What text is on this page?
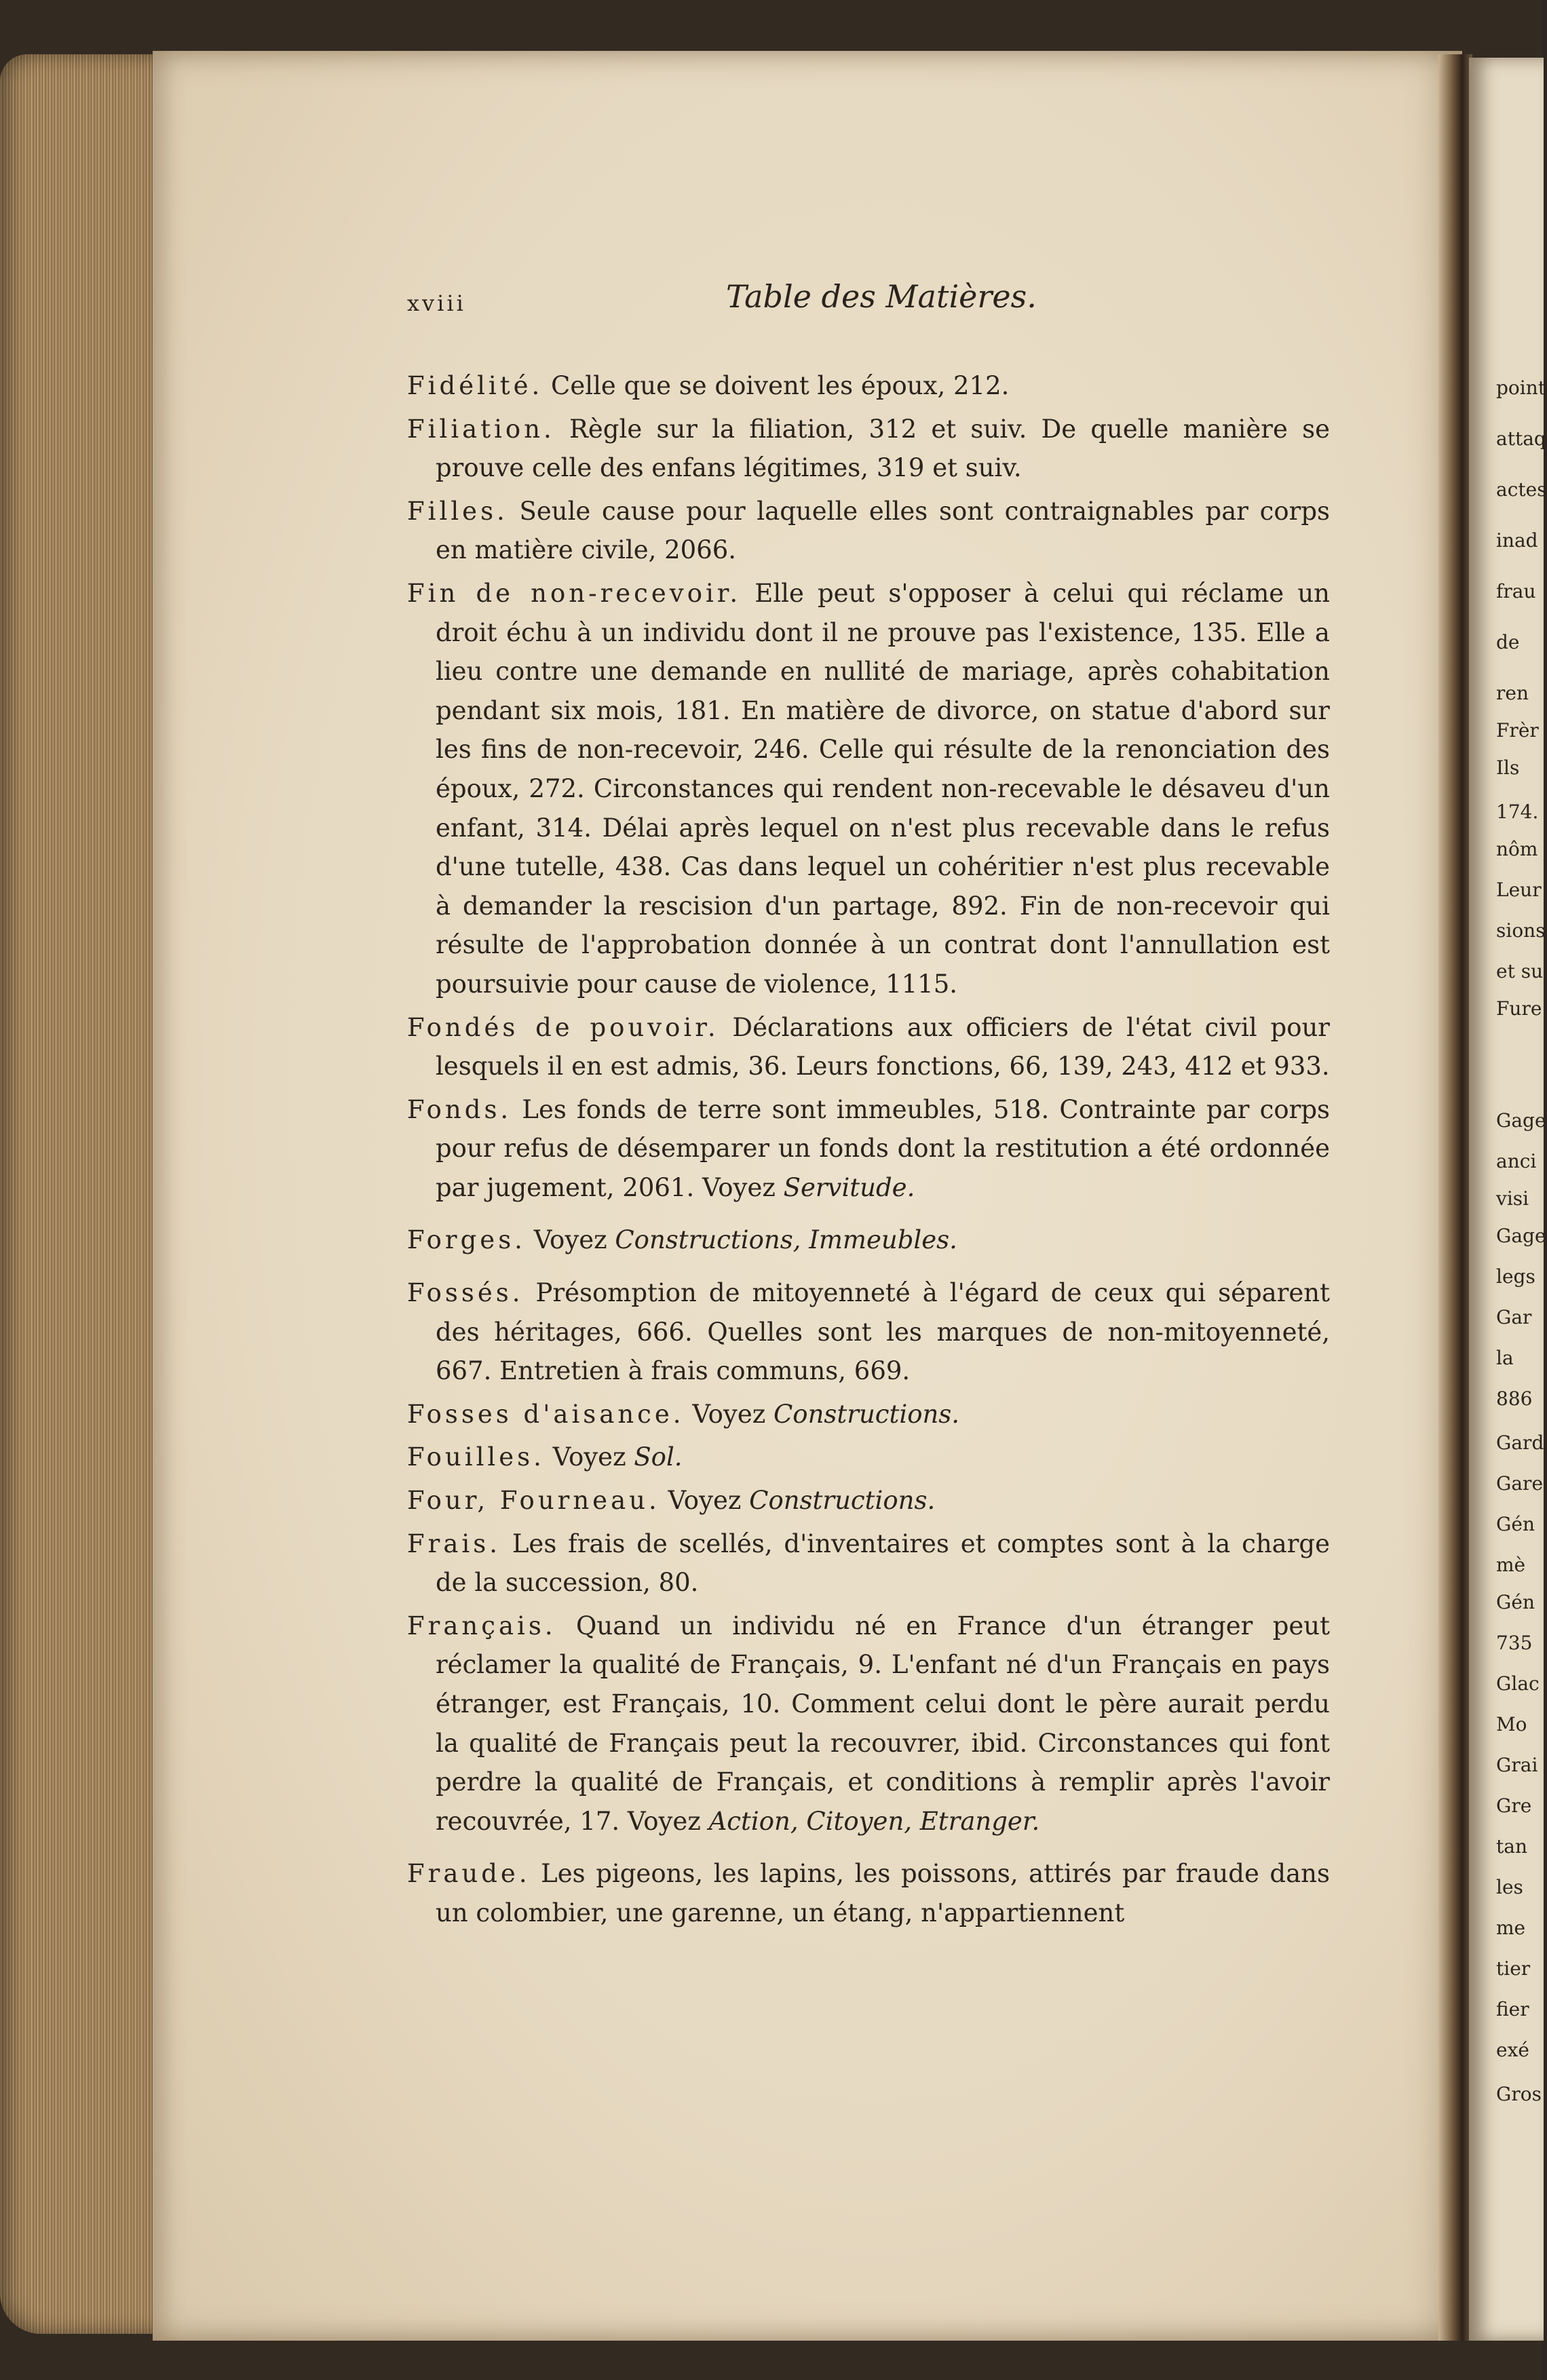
point
attaq
actes
inad
frau
de
ren
Frèr
Ils
174.
nôm
Leur
sions
et su
Fure
Gage
anci
visi
Gage
legs
Gar
la
886
Gard
Gare
Gén
mè
Gén
735
Glac
Mo
Grai
Gre
tan
les
me
tier
fier
exé
Gros
xviii	Table des Matières.

Fidélité. Celle que se doivent les époux, 212.

Filiation. Règle sur la filiation, 312 et suiv. De quelle manière se prouve celle des enfans légitimes, 319 et suiv.

Filles. Seule cause pour laquelle elles sont contraignables par corps en matière civile, 2066.

Fin de non-recevoir. Elle peut s'opposer à celui qui réclame un droit échu à un individu dont il ne prouve pas l'existence, 135. Elle a lieu contre une demande en nullité de mariage, après cohabitation pendant six mois, 181. En matière de divorce, on statue d'abord sur les fins de non-recevoir, 246. Celle qui résulte de la renonciation des époux, 272. Circonstances qui rendent non-recevable le désaveu d'un enfant, 314. Délai après lequel on n'est plus recevable dans le refus d'une tutelle, 438. Cas dans lequel un cohéritier n'est plus recevable à demander la rescision d'un partage, 892. Fin de non-recevoir qui résulte de l'approbation donnée à un contrat dont l'annullation est poursuivie pour cause de violence, 1115.

Fondés de pouvoir. Déclarations aux officiers de l'état civil pour lesquels il en est admis, 36. Leurs fonctions, 66, 139, 243, 412 et 933.

Fonds. Les fonds de terre sont immeubles, 518. Contrainte par corps pour refus de désemparer un fonds dont la restitution a été ordonnée par jugement, 2061. Voyez Servitude.

Forges. Voyez Constructions, Immeubles.

Fossés. Présomption de mitoyenneté à l'égard de ceux qui séparent des héritages, 666. Quelles sont les marques de non-mitoyenneté, 667. Entretien à frais communs, 669.

Fosses d'aisance. Voyez Constructions.

Fouilles. Voyez Sol.

Four, Fourneau. Voyez Constructions.

Frais. Les frais de scellés, d'inventaires et comptes sont à la charge de la succession, 80.

Français. Quand un individu né en France d'un étranger peut réclamer la qualité de Français, 9. L'enfant né d'un Français en pays étranger, est Français, 10. Comment celui dont le père aurait perdu la qualité de Français peut la recouvrer, ibid. Circonstances qui font perdre la qualité de Français, et conditions à remplir après l'avoir recouvrée, 17. Voyez Action, Citoyen, Etranger.

Fraude. Les pigeons, les lapins, les poissons, attirés par fraude dans un colombier, une garenne, un étang, n'appartiennent
